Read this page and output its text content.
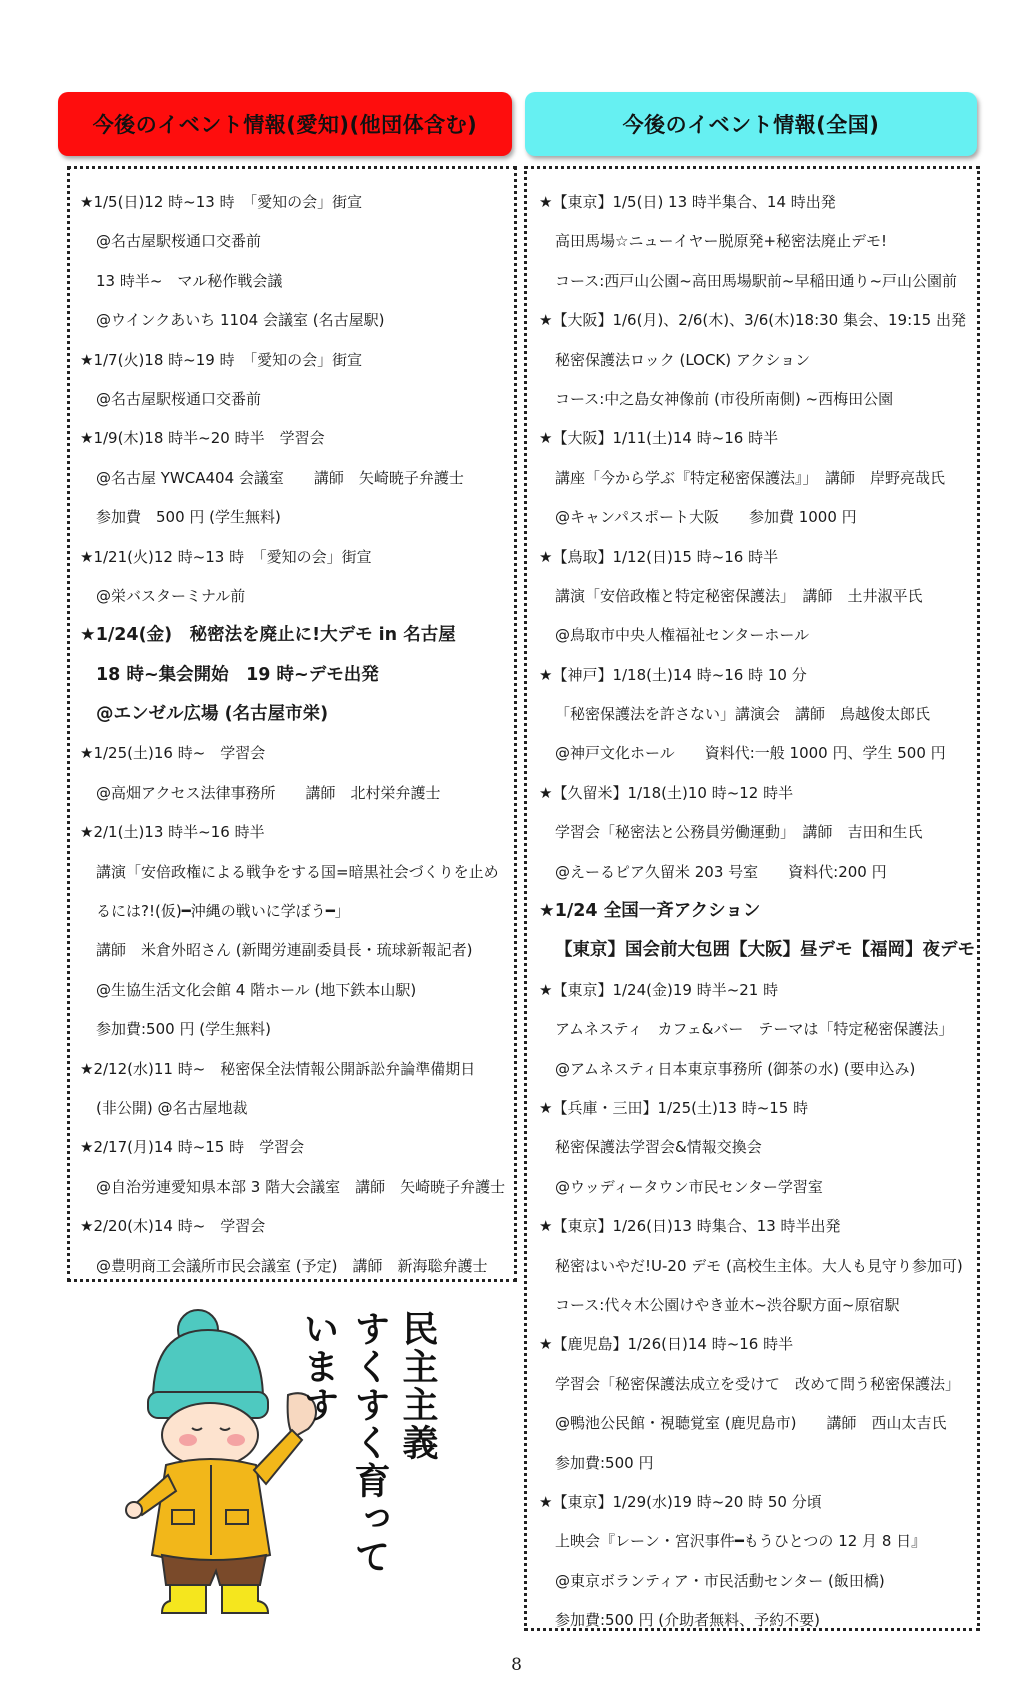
今後のイベント情報(愛知)(他団体含む)	今後のイベント情報(全国)
★1/5(日)12 時~13 時　「愛知の会」街宣
@名古屋駅桜通口交番前
13 時半~　マル秘作戦会議
@ウインクあいち 1104 会議室 (名古屋駅)
★1/7(火)18 時~19 時　「愛知の会」街宣
@名古屋駅桜通口交番前
★1/9(木)18 時半~20 時半　学習会
@名古屋 YWCA404 会議室　　講師　矢崎暁子弁護士
参加費　500 円 (学生無料)
★1/21(火)12 時~13 時　「愛知の会」街宣
@栄バスターミナル前
★1/24(金)　秘密法を廃止に!大デモ in 名古屋
18 時~集会開始　19 時~デモ出発
@エンゼル広場 (名古屋市栄)
★1/25(土)16 時~　学習会
@高畑アクセス法律事務所　　講師　北村栄弁護士
★2/1(土)13 時半~16 時半
講演「安倍政権による戦争をする国=暗黒社会づくりを止め
るには?!(仮)━沖縄の戦いに学ぼう━」
講師　米倉外昭さん (新聞労連副委員長・琉球新報記者)
@生協生活文化会館 4 階ホール (地下鉄本山駅)
参加費:500 円 (学生無料)
★2/12(水)11 時~　秘密保全法情報公開訴訟弁論準備期日
(非公開) @名古屋地裁
★2/17(月)14 時~15 時　学習会
@自治労連愛知県本部 3 階大会議室　講師　矢崎暁子弁護士
★2/20(木)14 時~　学習会
@豊明商工会議所市民会議室 (予定)　講師　新海聡弁護士
★【東京】1/5(日) 13 時半集合、14 時出発
高田馬場☆ニューイヤー脱原発+秘密法廃止デモ!
コース:西戸山公園~高田馬場駅前~早稲田通り~戸山公園前
★【大阪】1/6(月)、2/6(木)、3/6(木)18:30 集会、19:15 出発
秘密保護法ロック (LOCK) アクション
コース:中之島女神像前 (市役所南側) ~西梅田公園
★【大阪】1/11(土)14 時~16 時半
講座「今から学ぶ『特定秘密保護法』」　講師　岸野亮哉氏
@キャンパスポート大阪　　参加費 1000 円
★【鳥取】1/12(日)15 時~16 時半
講演「安倍政権と特定秘密保護法」　講師　土井淑平氏
@鳥取市中央人権福祉センターホール
★【神戸】1/18(土)14 時~16 時 10 分
「秘密保護法を許さない」講演会　講師　鳥越俊太郎氏
@神戸文化ホール　　資料代:一般 1000 円、学生 500 円
★【久留米】1/18(土)10 時~12 時半
学習会「秘密法と公務員労働運動」　講師　吉田和生氏
@えーるピア久留米 203 号室　　資料代:200 円
★1/24 全国一斉アクション
【東京】国会前大包囲【大阪】昼デモ【福岡】夜デモ
★【東京】1/24(金)19 時半~21 時
アムネスティ　カフェ&バー　テーマは「特定秘密保護法」
@アムネスティ日本東京事務所 (御茶の水) (要申込み)
★【兵庫・三田】1/25(土)13 時~15 時
秘密保護法学習会&情報交換会
@ウッディータウン市民センター学習室
★【東京】1/26(日)13 時集合、13 時半出発
秘密はいやだ!U-20 デモ (高校生主体。大人も見守り参加可)
コース:代々木公園けやき並木~渋谷駅方面~原宿駅
★【鹿児島】1/26(日)14 時~16 時半
学習会「秘密保護法成立を受けて　改めて問う秘密保護法」
@鴨池公民館・視聴覚室 (鹿児島市)　　講師　西山太吉氏
参加費:500 円
★【東京】1/29(水)19 時~20 時 50 分頃
上映会『レーン・宮沢事件━もうひとつの 12 月 8 日』
@東京ボランティア・市民活動センター (飯田橋)
参加費:500 円 (介助者無料、予約不要)
民主主義
すくすく育っています
8
